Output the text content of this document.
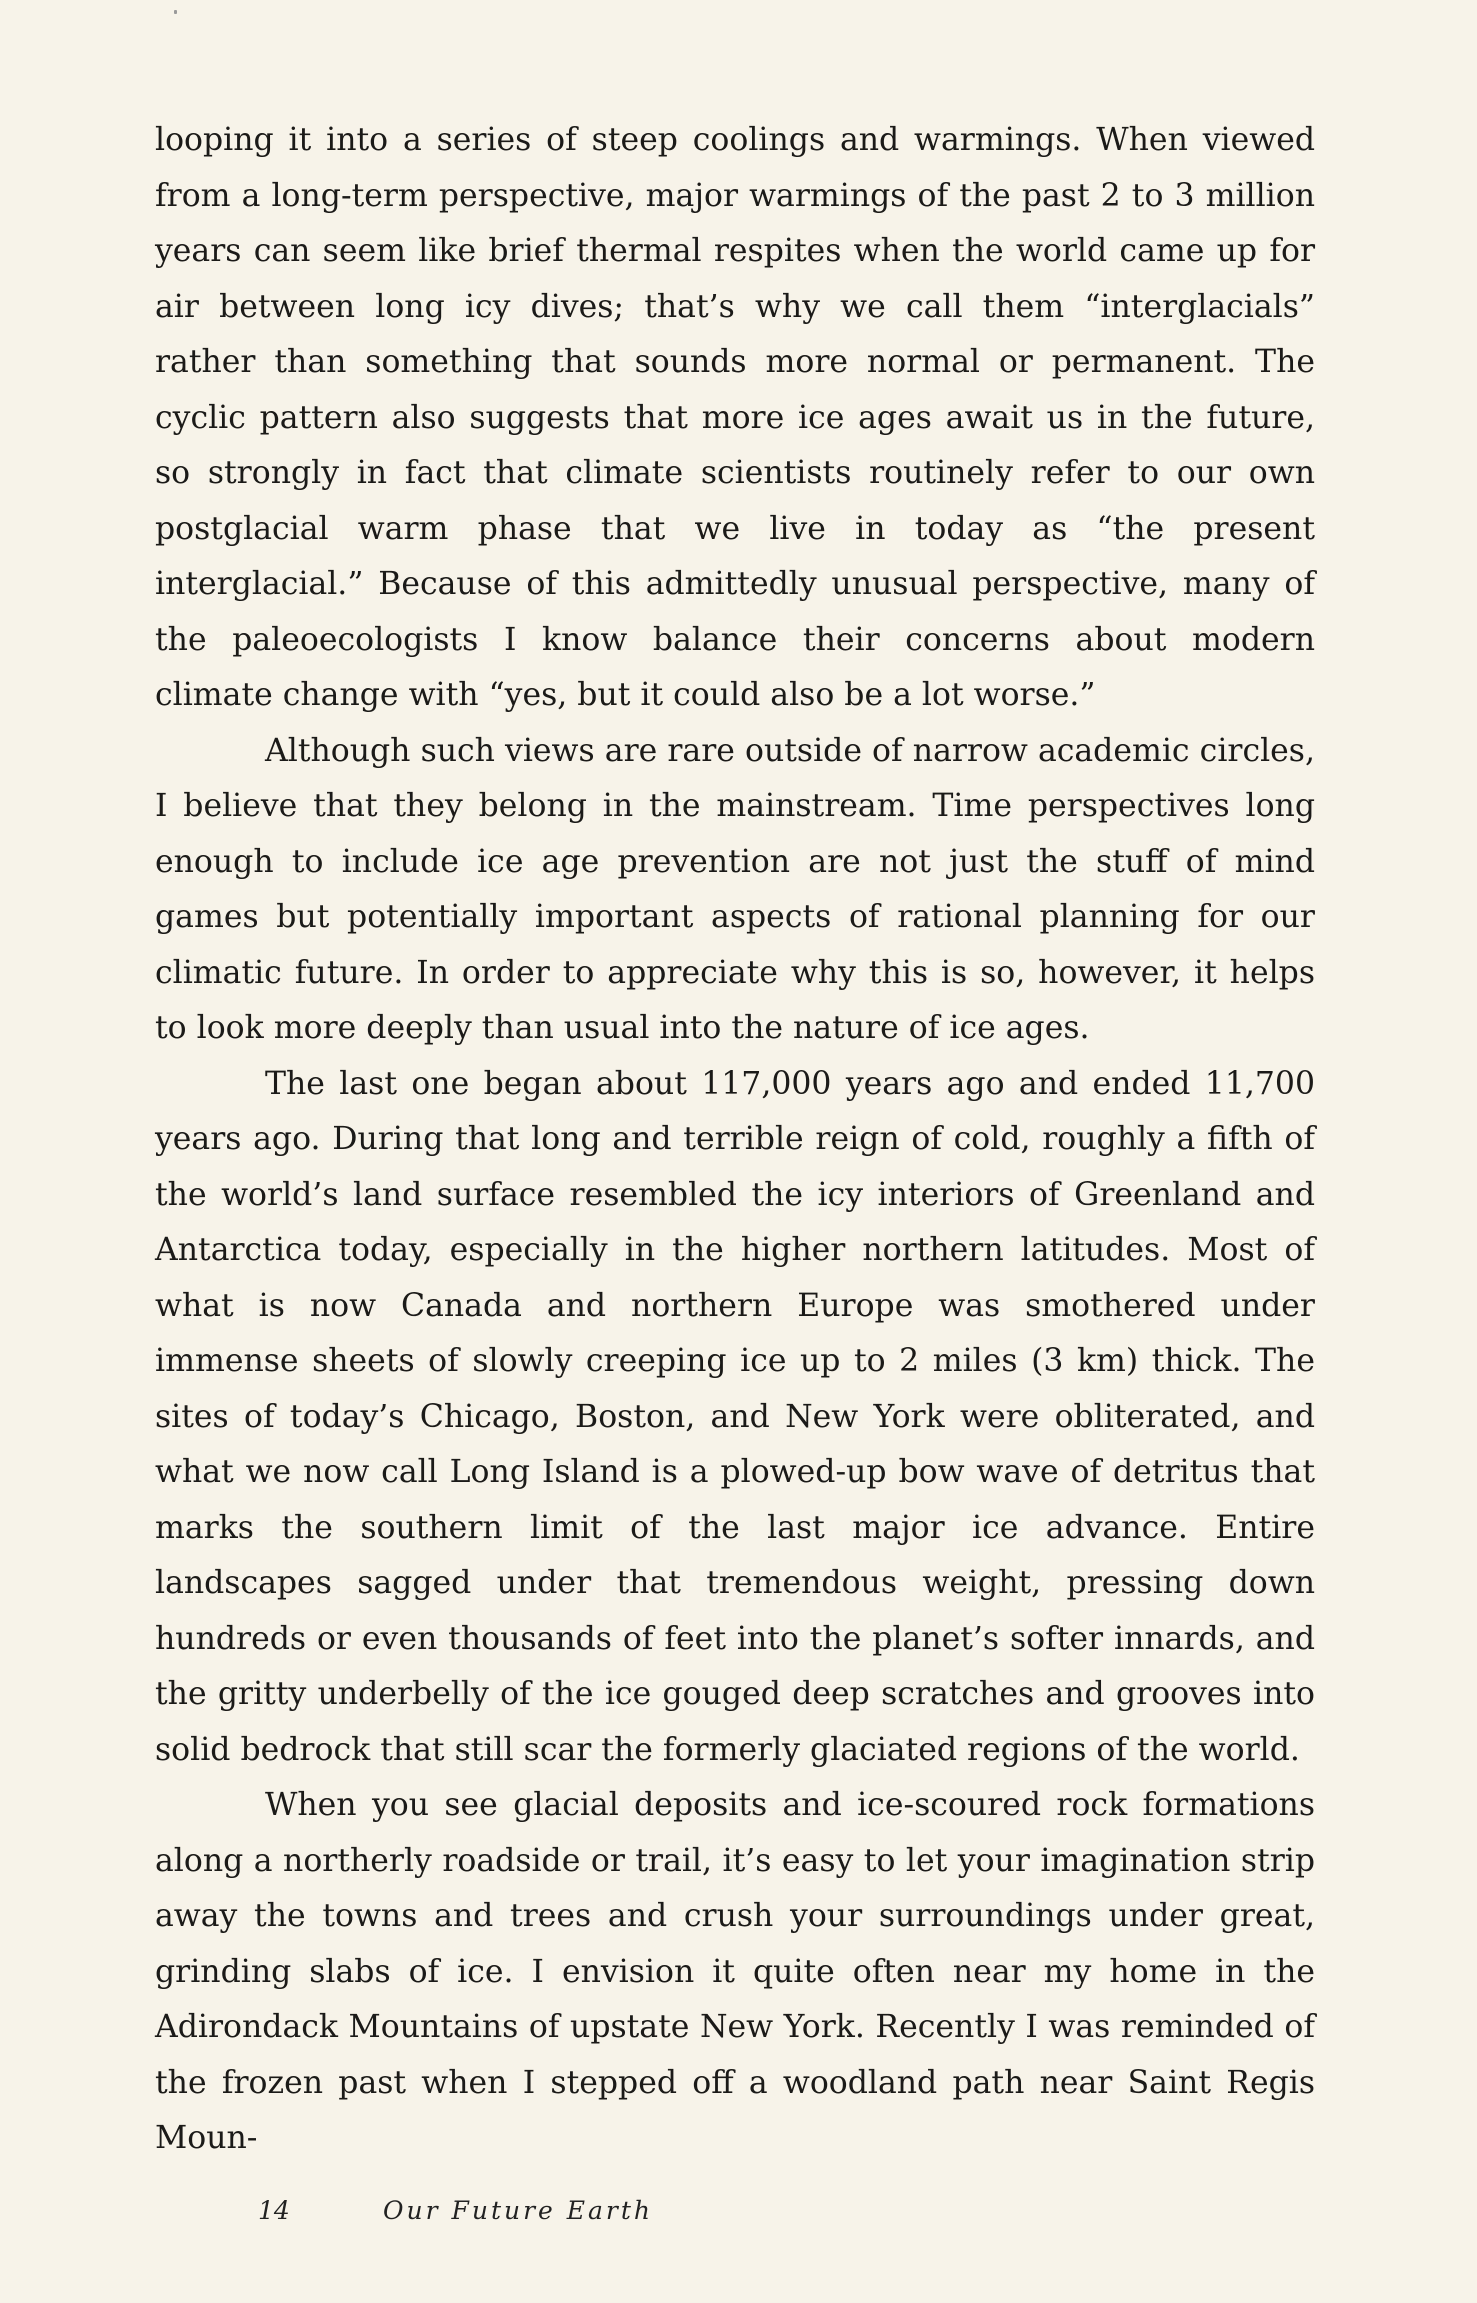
looping it into a series of steep coolings and warmings. When viewed from a long-term perspective, major warmings of the past 2 to 3 million years can seem like brief thermal respites when the world came up for air between long icy dives; that’s why we call them “interglacials” rather than something that sounds more normal or permanent. The cyclic pattern also suggests that more ice ages await us in the future, so strongly in fact that climate scientists routinely refer to our own postglacial warm phase that we live in today as “the present interglacial.” Because of this admittedly unusual perspective, many of the paleoecologists I know balance their concerns about modern climate change with “yes, but it could also be a lot worse.”

Although such views are rare outside of narrow academic circles, I believe that they belong in the mainstream. Time perspectives long enough to include ice age prevention are not just the stuff of mind games but potentially important aspects of rational planning for our climatic future. In order to appreciate why this is so, however, it helps to look more deeply than usual into the nature of ice ages.

The last one began about 117,000 years ago and ended 11,700 years ago. During that long and terrible reign of cold, roughly a fifth of the world’s land surface resembled the icy interiors of Greenland and Antarctica today, especially in the higher northern latitudes. Most of what is now Canada and northern Europe was smothered under immense sheets of slowly creeping ice up to 2 miles (3 km) thick. The sites of today’s Chicago, Boston, and New York were obliterated, and what we now call Long Island is a plowed-up bow wave of detritus that marks the southern limit of the last major ice advance. Entire landscapes sagged under that tremendous weight, pressing down hundreds or even thousands of feet into the planet’s softer innards, and the gritty underbelly of the ice gouged deep scratches and grooves into solid bedrock that still scar the formerly glaciated regions of the world.

When you see glacial deposits and ice-scoured rock formations along a northerly roadside or trail, it’s easy to let your imagination strip away the towns and trees and crush your surroundings under great, grinding slabs of ice. I envision it quite often near my home in the Adirondack Mountains of upstate New York. Recently I was reminded of the frozen past when I stepped off a woodland path near Saint Regis Moun-

14	Our Future Earth
